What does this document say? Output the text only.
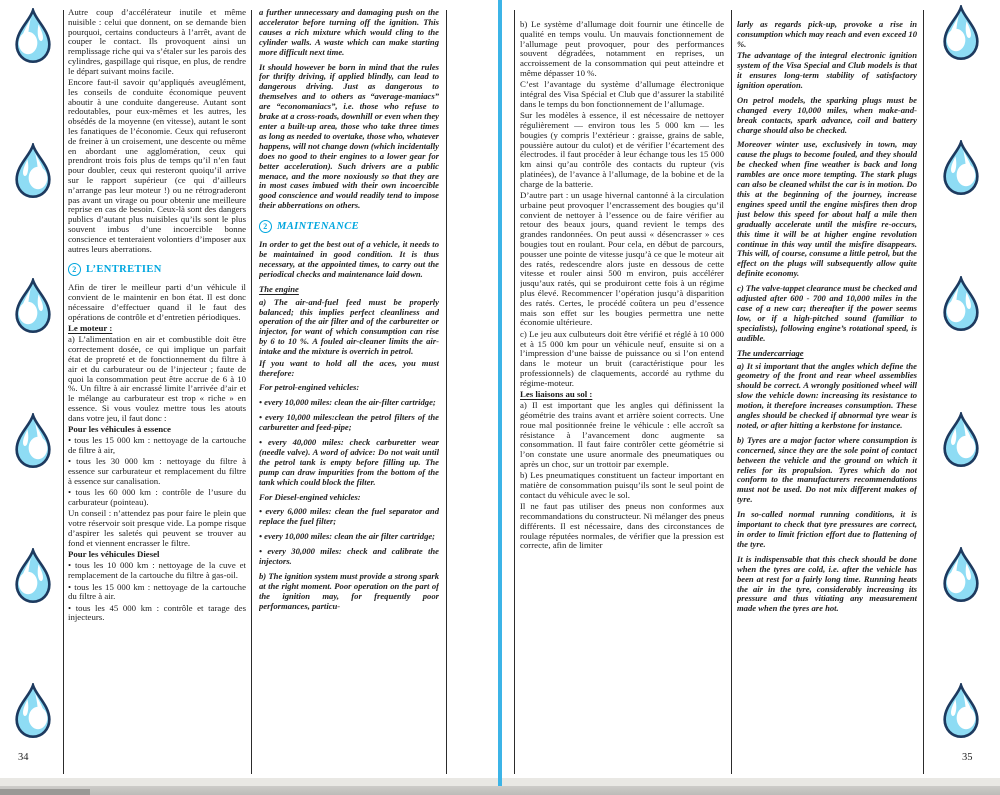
Autre coup d’accélérateur inutile et même nuisible : celui que donnent, on se demande bien pourquoi, certains conducteurs à l’arrêt, avant de couper le contact. Ils provoquent ainsi un remplissage riche qui va s’étaler sur les parois des cylindres, gaspillage qui risque, en plus, de rendre le départ suivant moins facile.

Encore faut-il savoir qu’appliqués aveuglément, les conseils de conduite économique peuvent aboutir à une conduite dangereuse. Autant sont redoutables, pour eux-mêmes et les autres, les obsédés de la moyenne (en vitesse), autant le sont les fanatiques de l’économie. Ceux qui refuseront de freiner à un croisement, une descente ou même en abordant une agglomération, ceux qui prendront trois fois plus de temps qu’il n’en faut pour doubler, ceux qui resteront quoiqu’il arrive sur le rapport supérieur (ce qui d’ailleurs n’arrange pas leur moteur !) ou ne rétrograderont pas avant un virage ou pour obtenir une meilleure reprise en cas de besoin. Ceux-là sont des dangers publics d’autant plus nuisibles qu’ils sont le plus souvent imbus d’une incoercible bonne conscience et tenteraient volontiers d’imposer aux autres leurs aberrations.

2 L’ENTRETIEN

Afin de tirer le meilleur parti d’un véhicule il convient de le maintenir en bon état. Il est donc nécessaire d’effectuer quand il le faut des opérations de contrôle et d’entretien périodiques.

Le moteur :

a) L’alimentation en air et combustible doit être correctement dosée, ce qui implique un parfait état de propreté et de fonctionnement du filtre à air et du carburateur ou de l’injecteur ; faute de quoi la consommation peut être accrue de 6 à 10 %. Un filtre à air encrassé limite l’arrivée d’air et le mélange au carburateur est trop « riche » en essence. Si vous voulez mettre tous les atouts dans votre jeu, il faut donc :

Pour les véhicules à essence

• tous les 15 000 km : nettoyage de la cartouche de filtre à air,

• tous les 30 000 km : nettoyage du filtre à essence sur carburateur et remplacement du filtre à essence sur canalisation.

• tous les 60 000 km : contrôle de l’usure du carburateur (pointeau).

Un conseil : n’attendez pas pour faire le plein que votre réservoir soit presque vide. La pompe risque d’aspirer les saletés qui peuvent se trouver au fond et viennent encrasser le filtre.

Pour les véhicules Diesel

• tous les 10 000 km : nettoyage de la cuve et remplacement de la cartouche du filtre à gas-oil.

• tous les 15 000 km : nettoyage de la cartouche du filtre à air.

• tous les 45 000 km : contrôle et tarage des injecteurs.

a further unnecessary and damaging push on the accelerator before turning off the ignition. This causes a rich mixture which would cling to the cylinder walls. A waste which can make starting more difficult next time.

It should however be born in mind that the rules for thrifty driving, if applied blindly, can lead to dangerous driving. Just as dangerous to themselves and to others as “average-maniacs” are “economaniacs”, i.e. those who refuse to brake at a cross-roads, downhill or even when they enter a built-up area, those who take three times as long as needed to overtake, those who, whatever happens, will not change down (which incidentally does no good to their engines to a lower gear for better acceleration). Such drivers are a public menace, and the more noxiously so that they are in most cases imbued with their own incoercible good conscience and would readily tend to impose their abberrations on others.

2 MAINTENANCE

In order to get the best out of a vehicle, it needs to be maintained in good condition. It is thus necessary, at the appointed times, to carry out the periodical checks and maintenance laid down.

The engine

a) The air-and-fuel feed must be properly balanced; this implies perfect cleanliness and operation of the air filter and of the carburetter or injector, for want of which consumption can rise by 6 to 10 %. A fouled air-cleaner limits the air-intake and the mixture is overrich in petrol.

If you want to hold all the aces, you must therefore:

For petrol-engined vehicles:

• every 10,000 miles: clean the air-filter cartridge;

• every 10,000 miles:clean the petrol filters of the carburetter and feed-pipe;

• every 40,000 miles: check carburetter wear (needle valve). A word of advice: Do not wait until the petrol tank is empty before filling up. The pump can draw impurities from the bottom of the tank which could block the filter.

For Diesel-engined vehicles:

• every 6,000 miles: clean the fuel separator and replace the fuel filter;

• every 10,000 miles: clean the air filter cartridge;

• every 30,000 miles: check and calibrate the injectors.

b) The ignition system must provide a strong spark at the right moment. Poor operation on the part of the ignition may, for frequently poor performances, particu-

b) Le système d’allumage doit fournir une étincelle de qualité en temps voulu. Un mauvais fonctionnement de l’allumage peut provoquer, pour des performances souvent dégradées, notamment en reprises, un accroissement de la consommation qui peut atteindre et même dépasser 10 %.

C’est l’avantage du système d’allumage électronique intégral des Visa Spécial et Club que d’assurer la stabilité dans le temps du bon fonctionnement de l’allumage.

Sur les modèles à essence, il est nécessaire de nettoyer régulièrement — environ tous les 5 000 km — les bougies (y compris l’extérieur : graisse, grains de sable, poussière autour du culot) et de vérifier l’écartement des électrodes. il faut procéder à leur échange tous les 15 000 km ainsi qu’au contrôle des contacts du rupteur (vis platinées), de l’avance à l’allumage, de la bobine et de la charge de la batterie.

D’autre part : un usage hivernal cantonné à la circulation urbaine peut provoquer l’encrassement des bougies qu’il convient de nettoyer à l’essence ou de faire vérifier au retour des beaux jours, quand revient le temps des grandes randonnées. On peut aussi « désencrasser » ces bougies tout en roulant. Pour cela, en début de parcours, pousser une pointe de vitesse jusqu’à ce que le moteur ait des ratés, redescendre alors juste en dessous de cette vitesse et rouler ainsi 500 m environ, puis accélérer jusqu’aux ratés, qui se produiront cette fois à un régime plus élevé. Recommencer l’opération jusqu’à disparition des ratés. Certes, le procédé coûtera un peu d’essence mais son effet sur les bougies permettra une nette économie ultérieure.

c) Le jeu aux culbuteurs doit être vérifié et réglé à 10 000 et à 15 000 km pour un véhicule neuf, ensuite si on a l’impression d’une baisse de puissance ou si l’on entend dans le moteur un bruit (caractéristique pour les professionnels) de claquements, accordé au rythme du régime-moteur.

Les liaisons au sol :

a) Il est important que les angles qui définissent la géométrie des trains avant et arrière soient corrects. Une roue mal positionnée freine le véhicule : elle accroît sa résistance à l’avancement donc augmente sa consommation. Il faut faire contrôler cette géométrie si l’on constate une usure anormale des pneumatiques ou après un choc, sur un trottoir par exemple.

b) Les pneumatiques constituent un facteur important en matière de consommation puisqu’ils sont le seul point de contact du véhicule avec le sol.

Il ne faut pas utiliser des pneus non conformes aux recommandations du constructeur. Ni mélanger des pneus différents. Il est nécessaire, dans des circonstances de roulage réputées normales, de vérifier que la pression est correcte, afin de limiter

larly as regards pick-up, provoke a rise in consumption which may reach and even exceed 10 %.

The advantage of the integral electronic ignition system of the Visa Special and Club models is that it ensures long-term stability of satisfactory ignition operation.

On petrol models, the sparking plugs must be changed every 10,000 miles, when make-and-break contacts, spark advance, coil and battery charge should also be checked.

Moreover winter use, exclusively in town, may cause the plugs to become fouled, and they should be checked when fine weather is back and long rambles are once more tempting. The stark plugs can also be cleaned whilst the car is in motion. Do this at the beginning of the journey, increase engines speed until the engine misfires then drop just below this speed for about half a mile then gradually accelerate until the misfire re-occurs, this time it will be at higher engine revolution continue in this way until the misfire disappears. This will, of course, consume a little petrol, but the effect on the plugs will subsequently allow quite definite economy.

c) The valve-tappet clearance must be checked and adjusted after 600 - 700 and 10,000 miles in the case of a new car; thereafter if the power seems low, or if a high-pitched sound (familiar to specialists), following engine’s rotational speed, is audible.

The undercarriage

a) It si important that the angles which define the geometry of the front and rear wheel assemblies should be correct. A wrongly positioned wheel will slow the vehicle down: increasing its resistance to motion, it therefore increases consumption. These angles should be checked if abnormal tyre wear is noted, or after hitting a kerbstone for instance.

b) Tyres are a major factor where consumption is concerned, since they are the sole point of contact between the vehicle and the ground on which it relies for its propulsion. Tyres which do not conform to the manufacturers recommendations must not be used. Do not mix different makes of tyre.

In so-called normal running conditions, it is important to check that tyre pressures are correct, in order to limit friction effort due to flattening of the tyre.

It is indispensable that this check should be done when the tyres are cold, i.e. after the vehicle has been at rest for a fairly long time. Running heats the air in the tyre, considerably increasing its pressure and thus vitiating any measurement made when the tyres are hot.

34	35
